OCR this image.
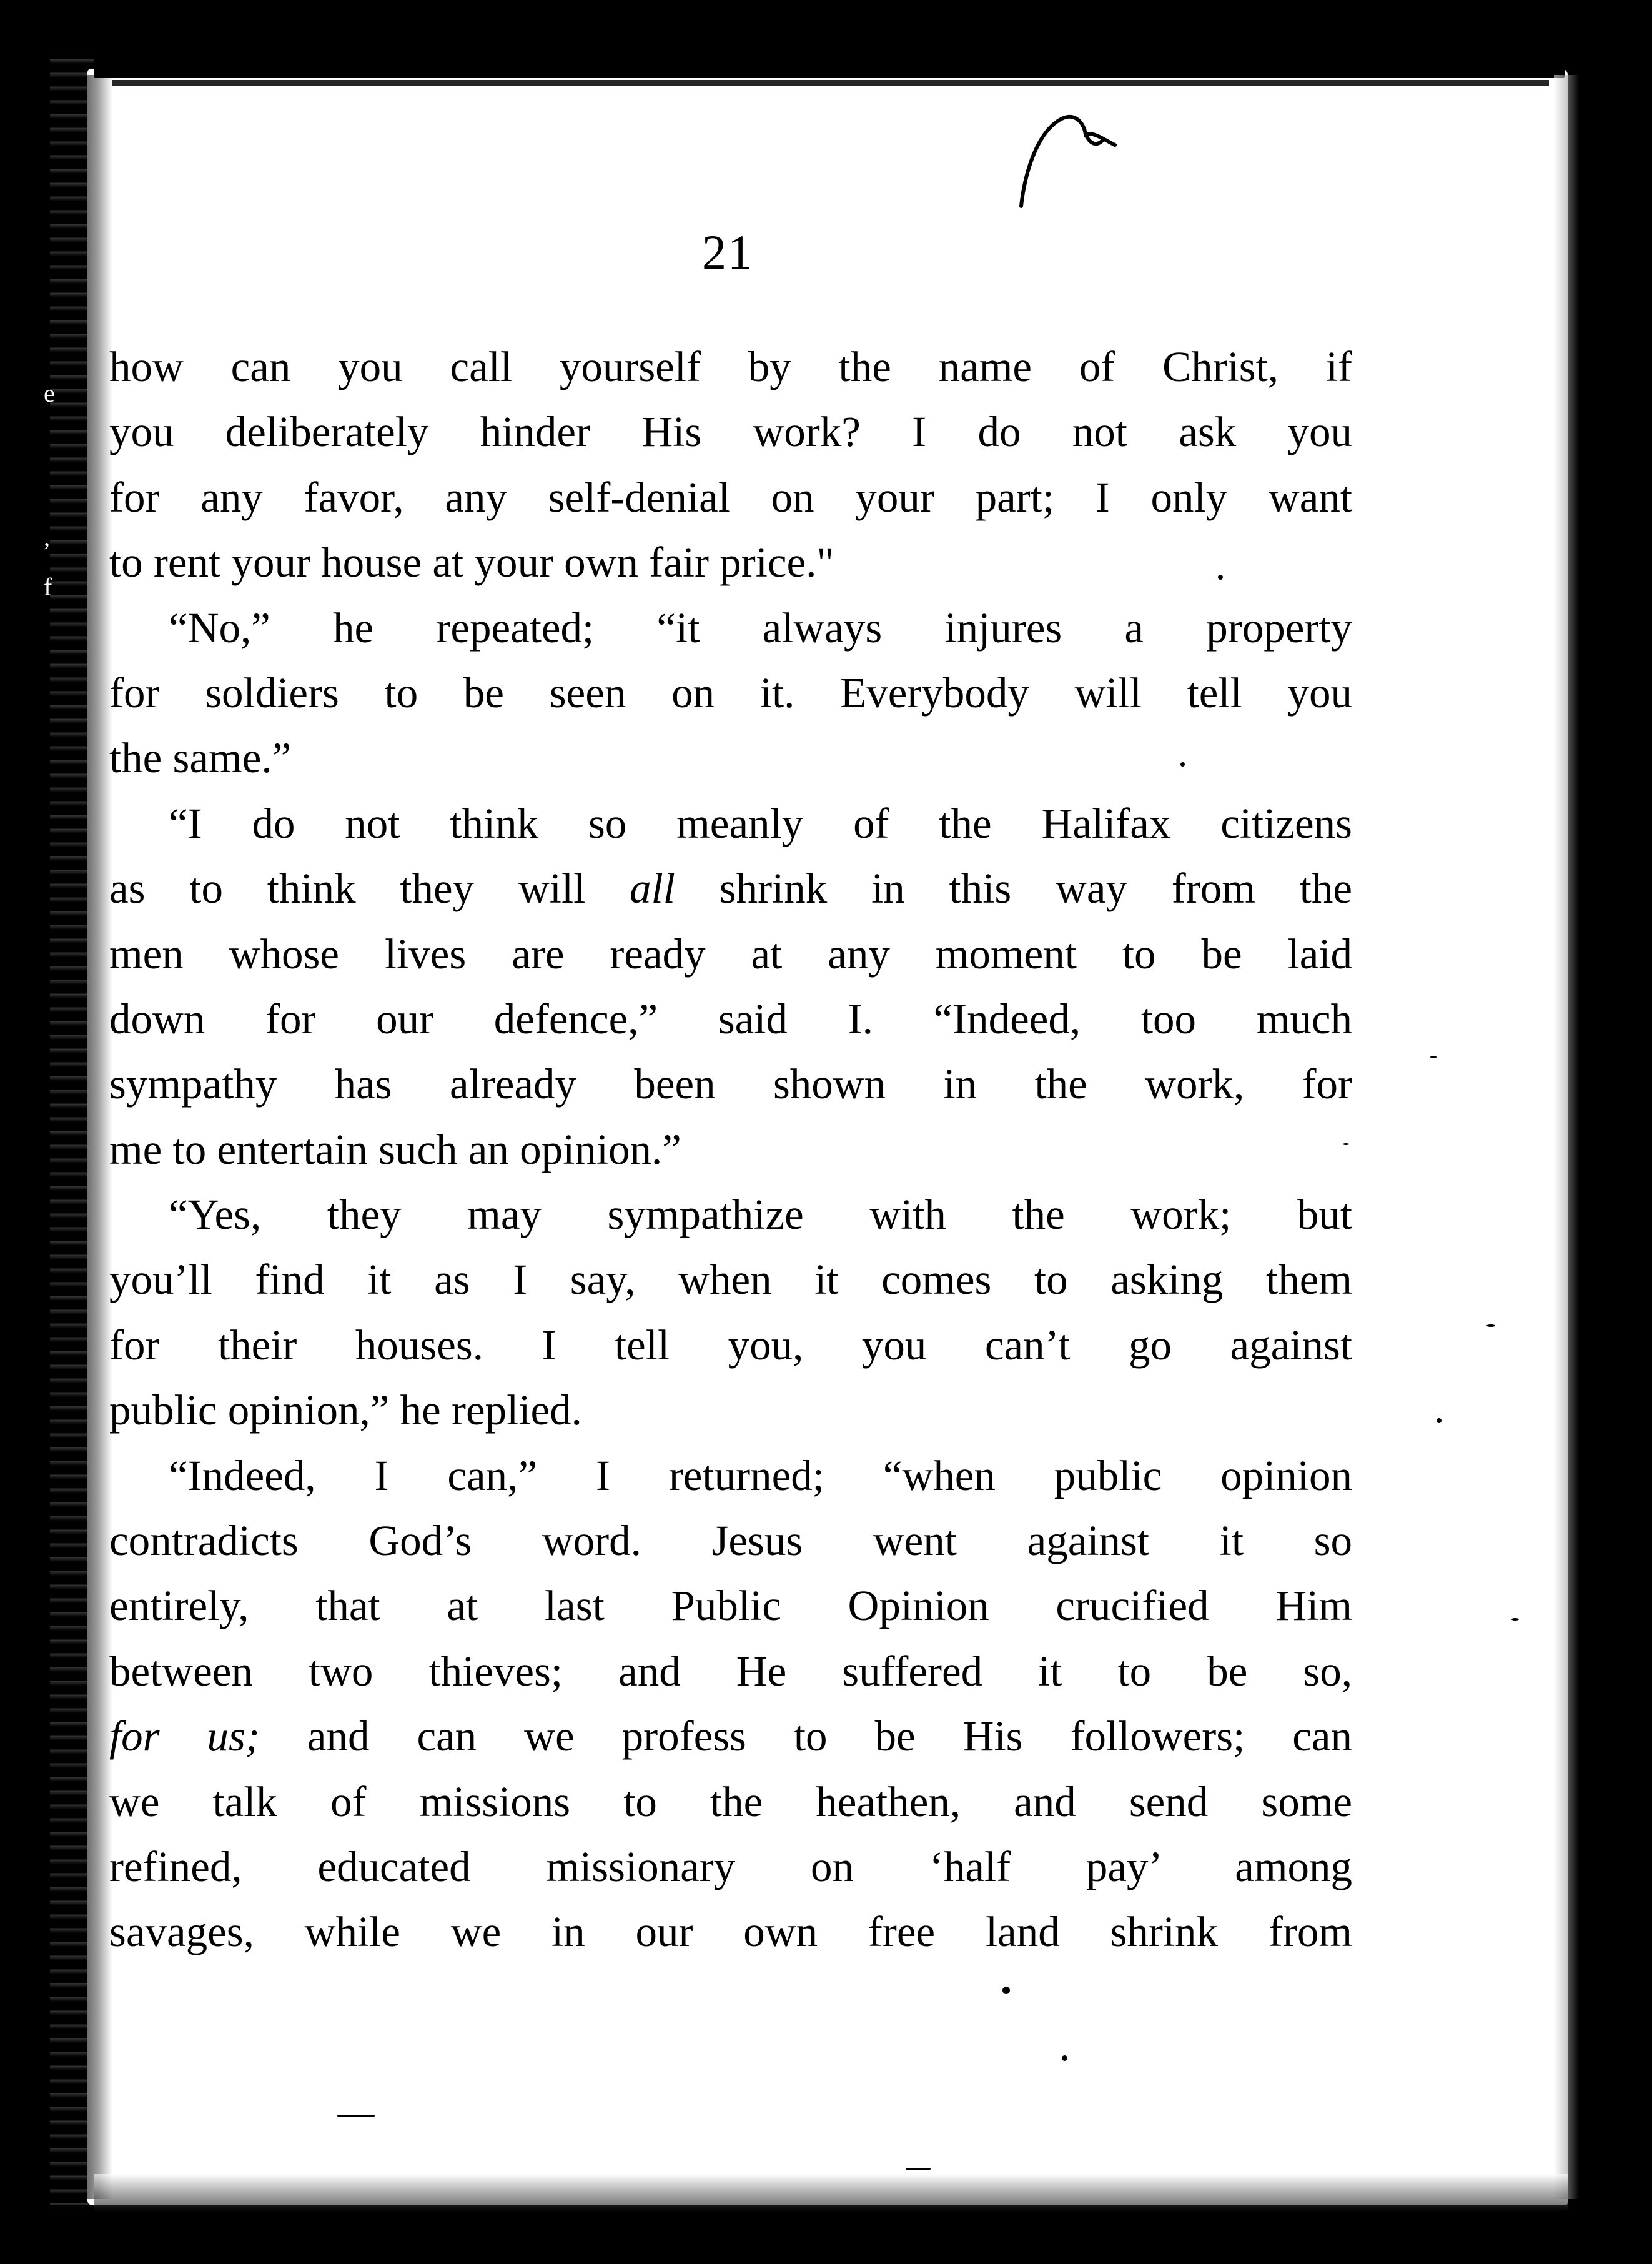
e
,
f
21
how can you call yourself by the name of Christ, if
you deliberately hinder His work? I do not ask you
for any favor, any self-denial on your part; I only want
to rent your house at your own fair price."
“No,” he repeated; “it always injures a property
for soldiers to be seen on it. Everybody will tell you
the same.”
“I do not think so meanly of the Halifax citizens
as to think they will all shrink in this way from the
men whose lives are ready at any moment to be laid
down for our defence,” said I. “Indeed, too much
sympathy has already been shown in the work, for
me to entertain such an opinion.”
“Yes, they may sympathize with the work; but
you’ll find it as I say, when it comes to asking them
for their houses. I tell you, you can’t go against
public opinion,” he replied.
“Indeed, I can,” I returned; “when public opinion
contradicts God’s word. Jesus went against it so
entirely, that at last Public Opinion crucified Him
between two thieves; and He suffered it to be so,
for us; and can we profess to be His followers; can
we talk of missions to the heathen, and send some
refined, educated missionary on ‘half pay’ among
savages, while we in our own free land shrink from
